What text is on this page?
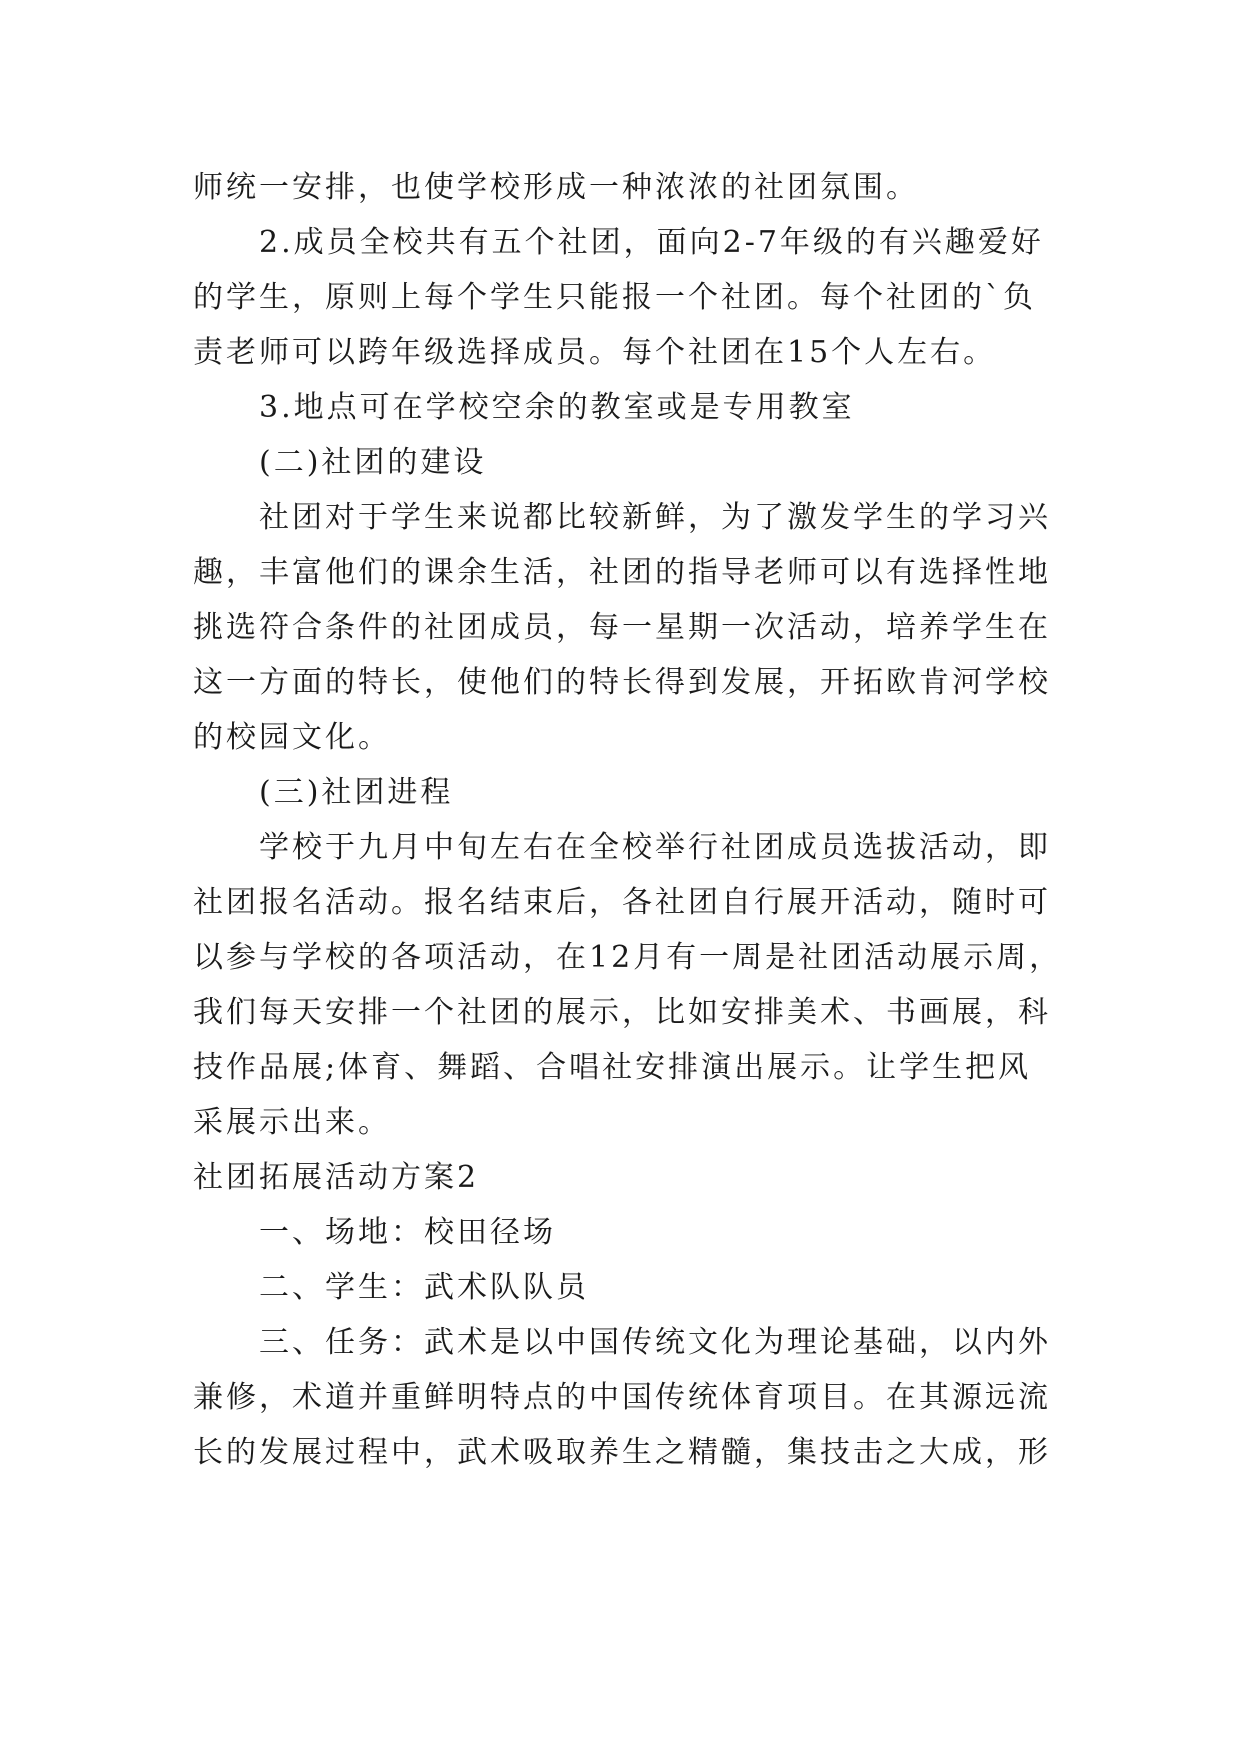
师统一安排，也使学校形成一种浓浓的社团氛围。
2.成员全校共有五个社团，面向2-7年级的有兴趣爱好
的学生，原则上每个学生只能报一个社团。每个社团的`负
责老师可以跨年级选择成员。每个社团在15个人左右。
3.地点可在学校空余的教室或是专用教室
(二)社团的建设
社团对于学生来说都比较新鲜，为了激发学生的学习兴
趣，丰富他们的课余生活，社团的指导老师可以有选择性地
挑选符合条件的社团成员，每一星期一次活动，培养学生在
这一方面的特长，使他们的特长得到发展，开拓欧肯河学校
的校园文化。
(三)社团进程
学校于九月中旬左右在全校举行社团成员选拔活动，即
社团报名活动。报名结束后，各社团自行展开活动，随时可
以参与学校的各项活动，在12月有一周是社团活动展示周，
我们每天安排一个社团的展示，比如安排美术、书画展，科
技作品展;体育、舞蹈、合唱社安排演出展示。让学生把风
采展示出来。
社团拓展活动方案2
一、场地：校田径场
二、学生：武术队队员
三、任务：武术是以中国传统文化为理论基础，以内外
兼修，术道并重鲜明特点的中国传统体育项目。在其源远流
长的发展过程中，武术吸取养生之精髓，集技击之大成，形
